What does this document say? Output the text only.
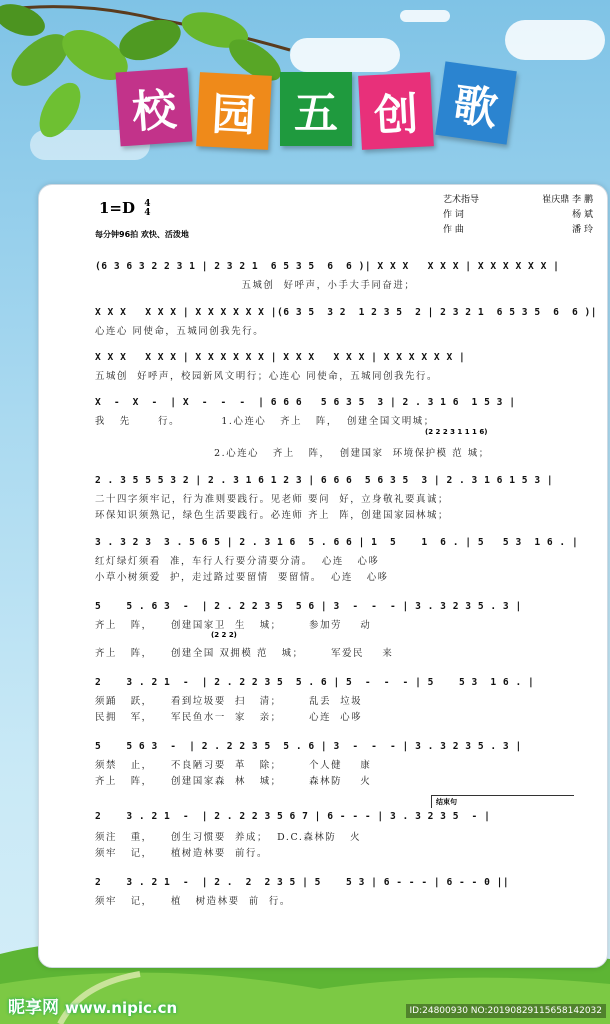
校 园 五 创 歌
1=D 4
4
每分钟96拍 欢快、活泼地
艺术指导	崔庆鼎 李 鹏
作 词	杨 斌
作 曲	潘 玲
(6 3 6 3 2 2 3 1 | 2 3 2 1  6 5 3 5  6  6 )| X X X   X X X | X X X X X X |
五城创  好呼声，小手大手同奋进；
X X X   X X X | X X X X X X |(6 3 5  3 2  1 2 3 5  2 | 2 3 2 1  6 5 3 5  6  6 )|
心连心 同使命，五城同创我先行。
X X X   X X X | X X X X X X | X X X   X X X | X X X X X X |
五城创  好呼声，校园新风文明行；心连心 同使命，五城同创我先行。
X  -  X  -  | X  -  -  -  | 6 6 6   5 6 3 5  3 | 2 . 3 1 6  1 5 3 |
我   先      行。         1.心连心   齐上   阵，  创建全国文明城；
(2 2 2 3 1 1 1 6)
2.心连心   齐上   阵，  创建国家  环境保护模 范 城；
2 . 3 5 5 5 3 2 | 2 . 3 1 6 1 2 3 | 6 6 6  5 6 3 5  3 | 2 . 3 1 6 1 5 3 |
二十四字须牢记，行为准则要践行。见老师 要问  好，立身敬礼要真诚；
环保知识须熟记，绿色生活要践行。必连师 齐上  阵，创建国家园林城；
3 . 3 2 3  3 . 5 6 5 | 2 . 3 1 6  5 . 6 6 | 1  5    1  6 . | 5   5 3  1 6 . |
红灯绿灯须看  准，车行人行要分清要分清。  心连   心哆
小草小树须爱  护，走过路过要留情  要留情。  心连   心哆
5    5 . 6 3  -  | 2 . 2 2 3 5  5 6 | 3  -  -  - | 3 . 3 2 3 5 . 3 |
齐上   阵，    创建国家卫  生   城；      参加劳    动
(2 2 2)
齐上   阵，    创建全国 双拥模 范   城；      军爱民    来
2    3 . 2 1  -  | 2 . 2 2 3 5  5 . 6 | 5  -  -  - | 5    5 3  1 6 . |
须踊   跃，    看到垃圾要  扫   清；      乱丢  垃圾
民拥   军，    军民鱼水一  家   亲；      心连  心哆
5    5 6 3  -  | 2 . 2 2 3 5  5 . 6 | 3  -  -  - | 3 . 3 2 3 5 . 3 |
须禁   止，    不良陋习要  革   除；      个人健    康
齐上   阵，    创建国家森  林   城；      森林防    火
结束句
2    3 . 2 1  -  | 2 . 2 2 3 5 6 7 | 6 - - - | 3 . 3 2 3 5  - |
须注   重，    创生习惯要  养成；  D.C.森林防   火
须牢   记，    植树造林要  前行。
2    3 . 2 1  -  | 2 .  2  2 3 5 | 5    5 3 | 6 - - - | 6 - - 0 ||
须牢   记，    植   树造林要  前  行。
昵享网 www.nipic.cn	ID:24800930 NO:20190829115658142032
